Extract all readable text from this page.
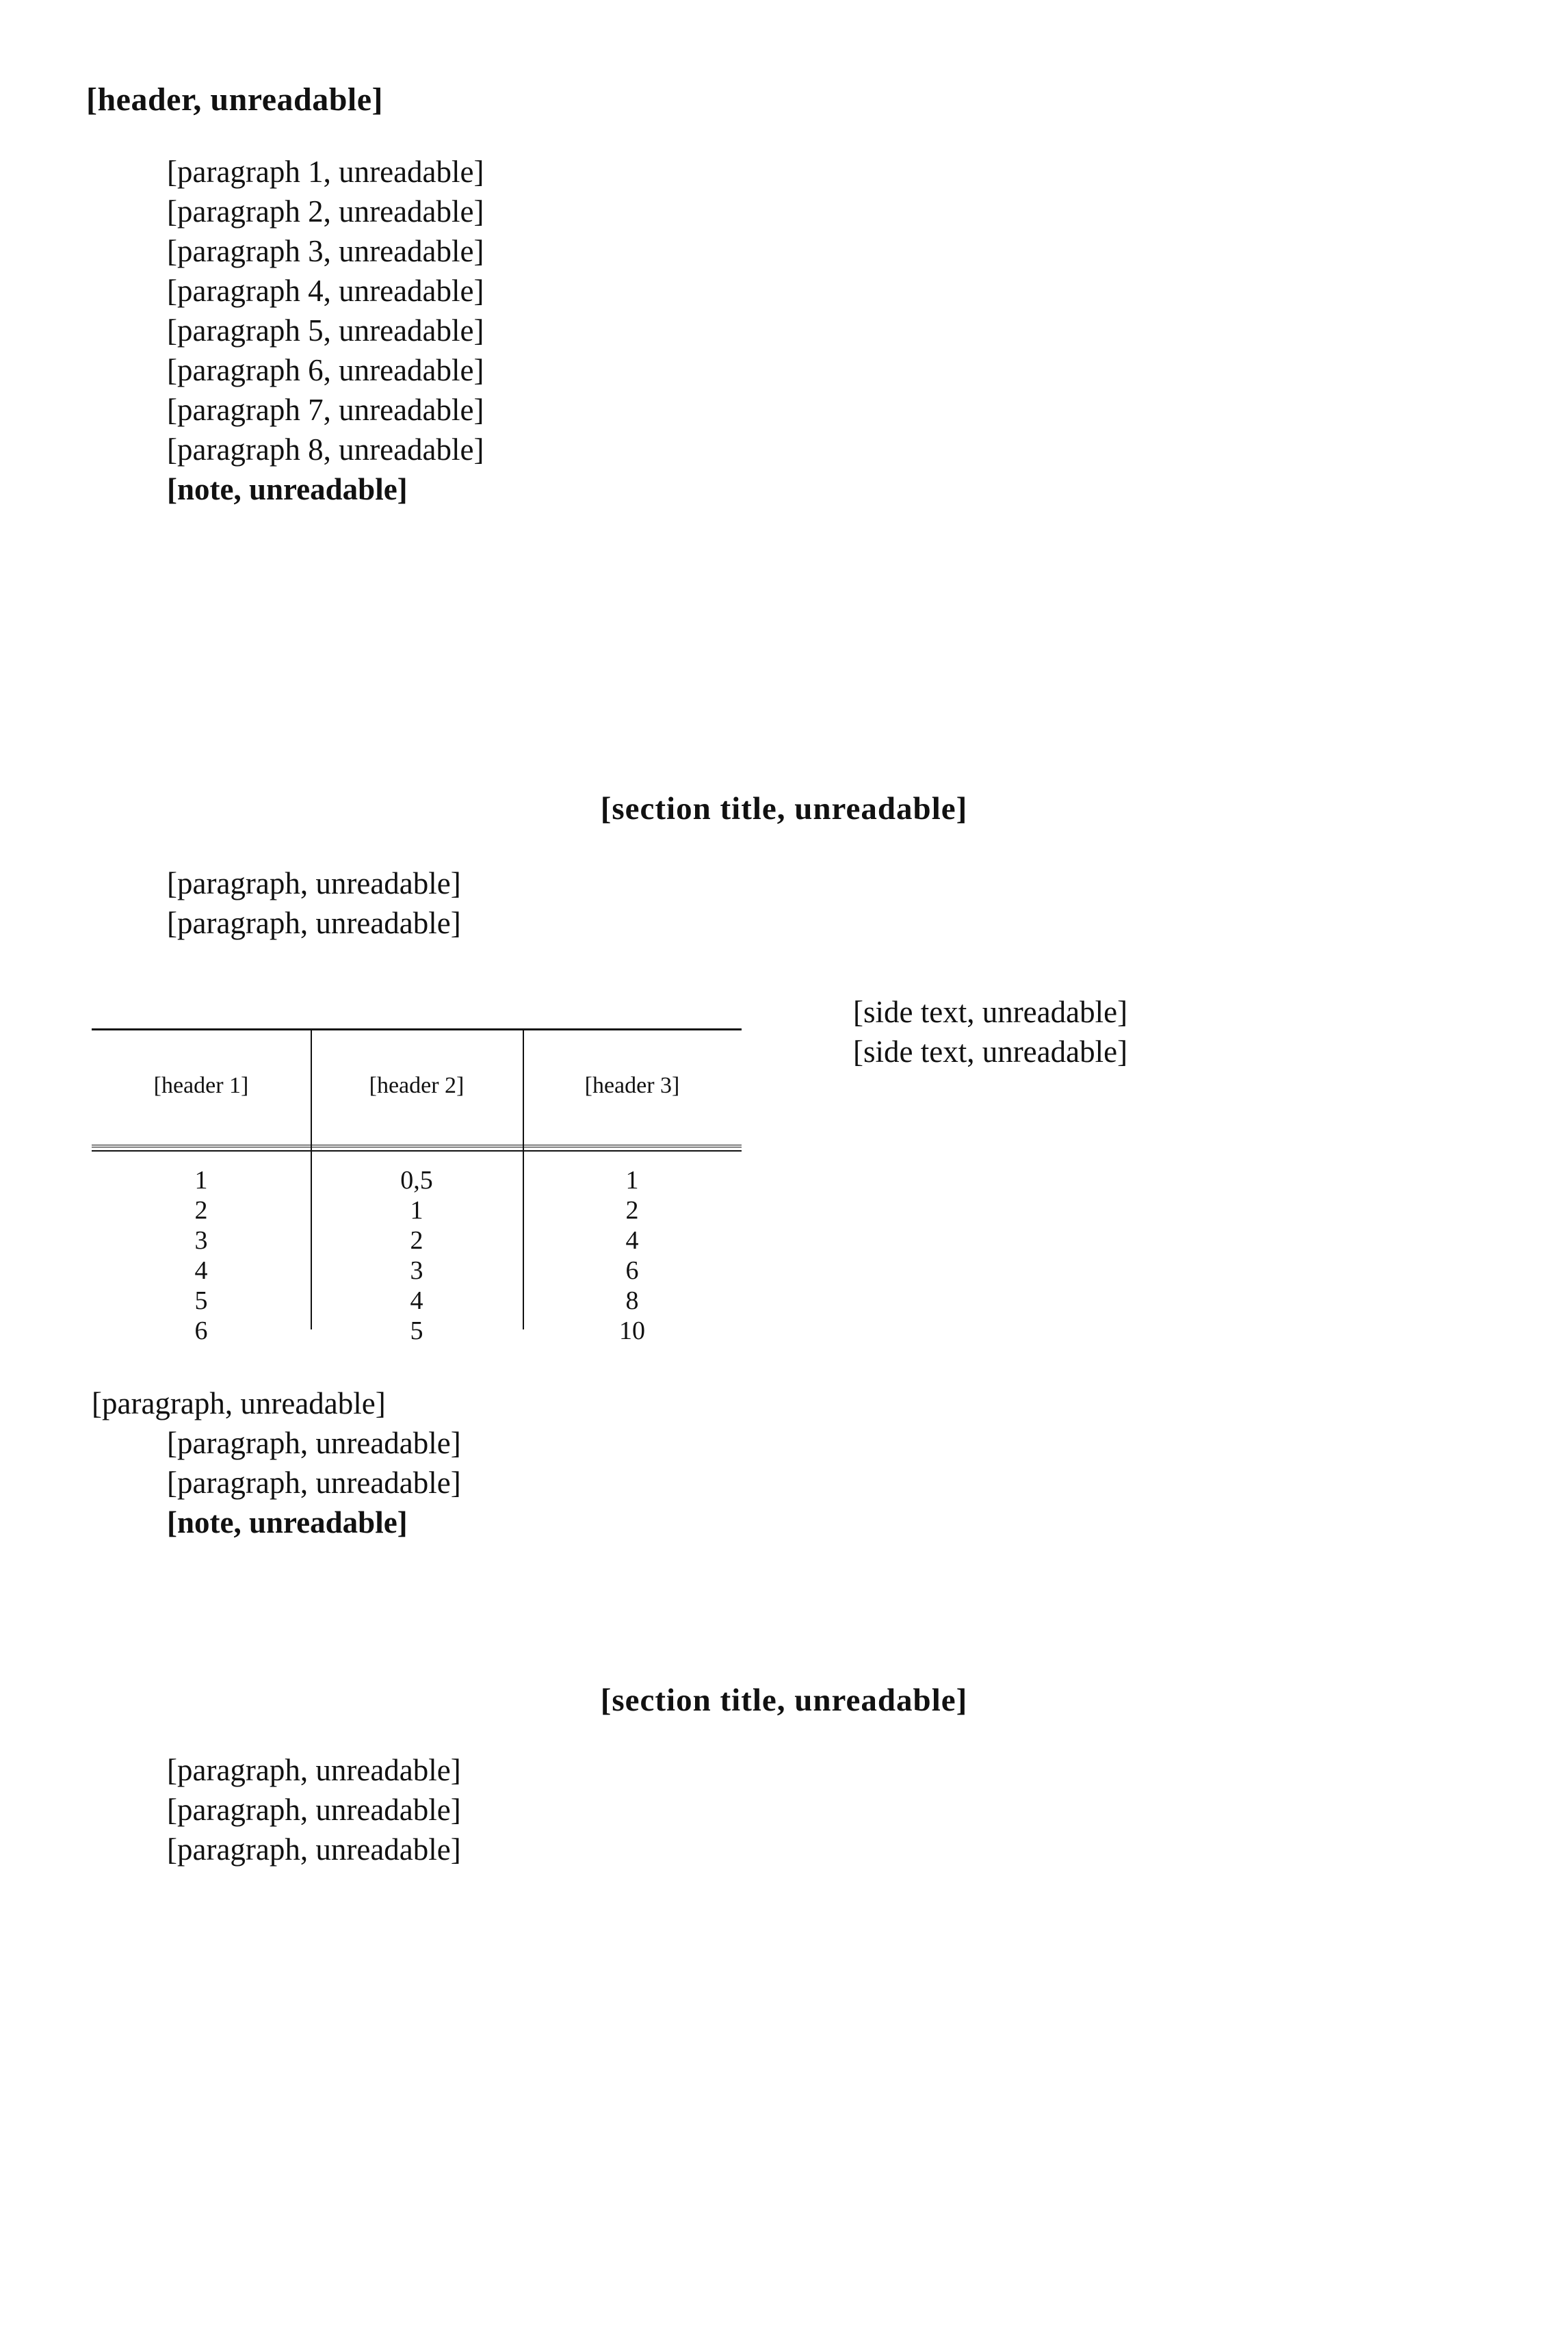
[header, unreadable]

[paragraph 1, unreadable]

[paragraph 2, unreadable]

[paragraph 3, unreadable]

[paragraph 4, unreadable]

[paragraph 5, unreadable]

[paragraph 6, unreadable]

[paragraph 7, unreadable]

[paragraph 8, unreadable]

[note, unreadable]

[section title, unreadable]

[paragraph, unreadable]

[paragraph, unreadable]

[header 1]	[header 2]	[header 3]
1
2
3
4
5
6
0,5
1
2
3
4
5
1
2
4
6
8
10

[side text, unreadable]

[side text, unreadable]

[paragraph, unreadable]

[paragraph, unreadable]

[paragraph, unreadable]

[note, unreadable]

[section title, unreadable]

[paragraph, unreadable]

[paragraph, unreadable]

[paragraph, unreadable]
